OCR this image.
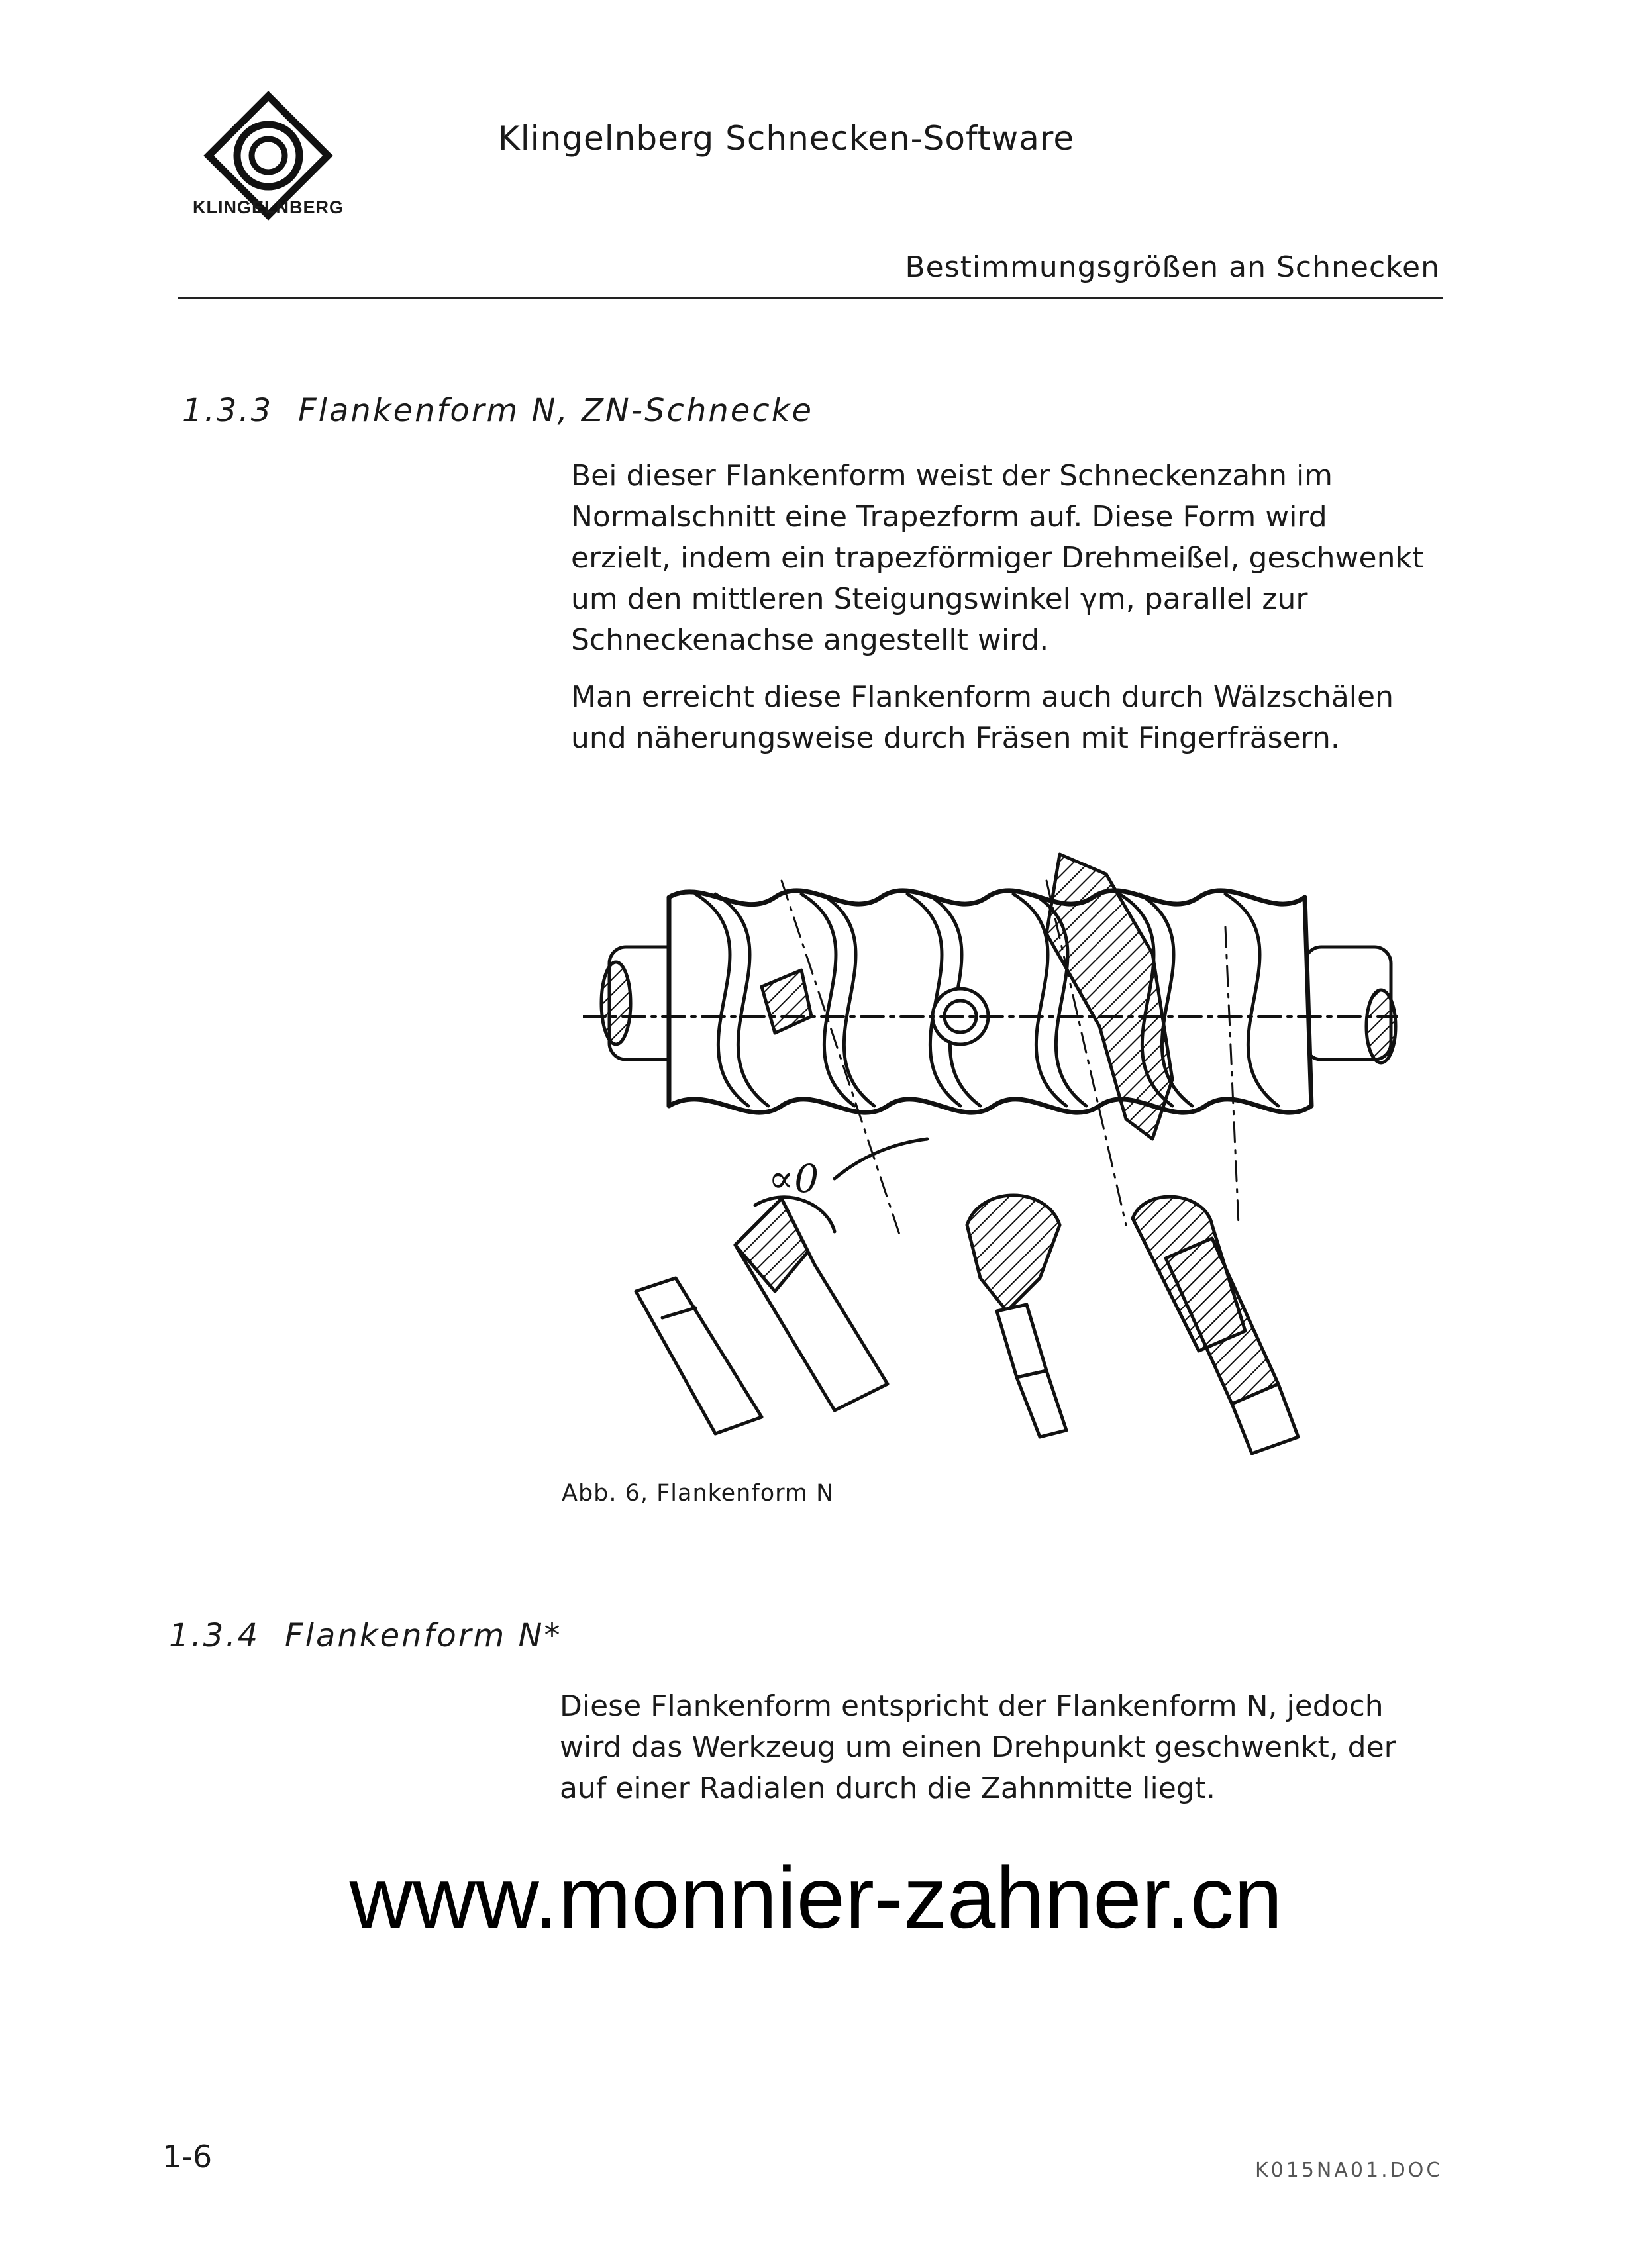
KLINGELNBERG
Klingelnberg Schnecken-Software
Bestimmungsgrößen an Schnecken
1.3.3 Flankenform N, ZN-Schnecke

Bei dieser Flankenform weist der Schneckenzahn im Normalschnitt eine Trapezform auf. Diese Form wird erzielt, indem ein trapezförmiger Drehmeißel, geschwenkt um den mittleren Steigungswinkel γm, parallel zur Schneckenachse angestellt wird.

Man erreicht diese Flankenform auch durch Wälzschälen und näherungsweise durch Fräsen mit Fingerfräsern.

∝0
Abb. 6, Flankenform N
1.3.4 Flankenform N*

Diese Flankenform entspricht der Flankenform N, jedoch wird das Werkzeug um einen Drehpunkt geschwenkt, der auf einer Radialen durch die Zahnmitte liegt.

www.monnier-zahner.cn
1-6	K015NA01.DOC
